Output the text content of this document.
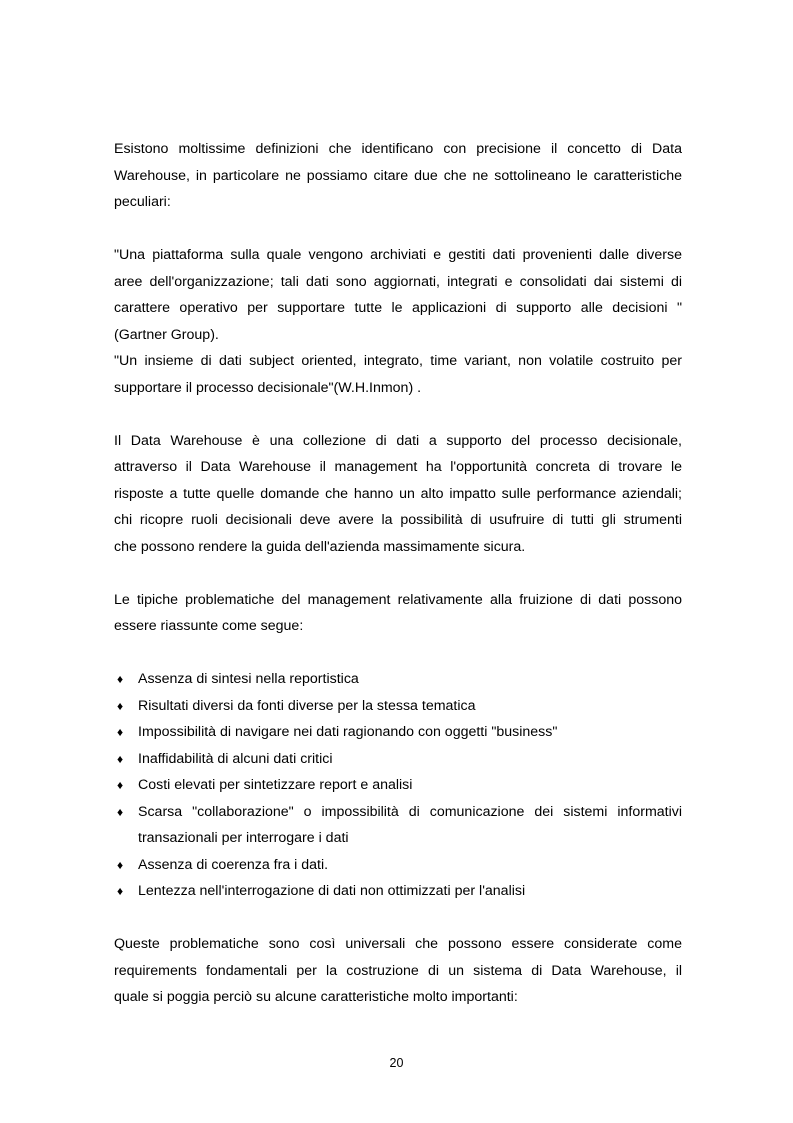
Esistono moltissime definizioni che identificano con precisione il concetto di Data

Warehouse, in particolare ne possiamo citare due che ne sottolineano le caratteristiche

peculiari:

"Una piattaforma sulla quale vengono archiviati e gestiti dati provenienti dalle diverse

aree dell'organizzazione; tali dati sono aggiornati, integrati e consolidati dai sistemi di

carattere operativo per supportare tutte le applicazioni di supporto alle decisioni "

(Gartner Group).

"Un insieme di dati subject oriented, integrato, time variant, non volatile costruito per

supportare il processo decisionale"(W.H.Inmon) .

Il Data Warehouse è una collezione di dati a supporto del processo decisionale,

attraverso il Data Warehouse il management ha l'opportunità concreta di trovare le

risposte a tutte quelle domande che hanno un alto impatto sulle performance aziendali;

chi ricopre ruoli decisionali deve avere la possibilità di usufruire di tutti gli strumenti

che possono rendere la guida dell'azienda massimamente sicura.

Le tipiche problematiche del management relativamente alla fruizione di dati possono

essere riassunte come segue:

♦ Assenza di sintesi nella reportistica

♦ Risultati diversi da fonti diverse per la stessa tematica

♦ Impossibilità di navigare nei dati ragionando con oggetti "business"

♦ Inaffidabilità di alcuni dati critici

♦ Costi elevati per sintetizzare report e analisi

♦ Scarsa "collaborazione" o impossibilità di comunicazione dei sistemi informativi

transazionali per interrogare i dati

♦ Assenza di coerenza fra i dati.

♦ Lentezza nell'interrogazione di dati non ottimizzati per l'analisi

Queste problematiche sono così universali che possono essere considerate come

requirements fondamentali per la costruzione di un sistema di Data Warehouse, il

quale si poggia perciò su alcune caratteristiche molto importanti:

20
